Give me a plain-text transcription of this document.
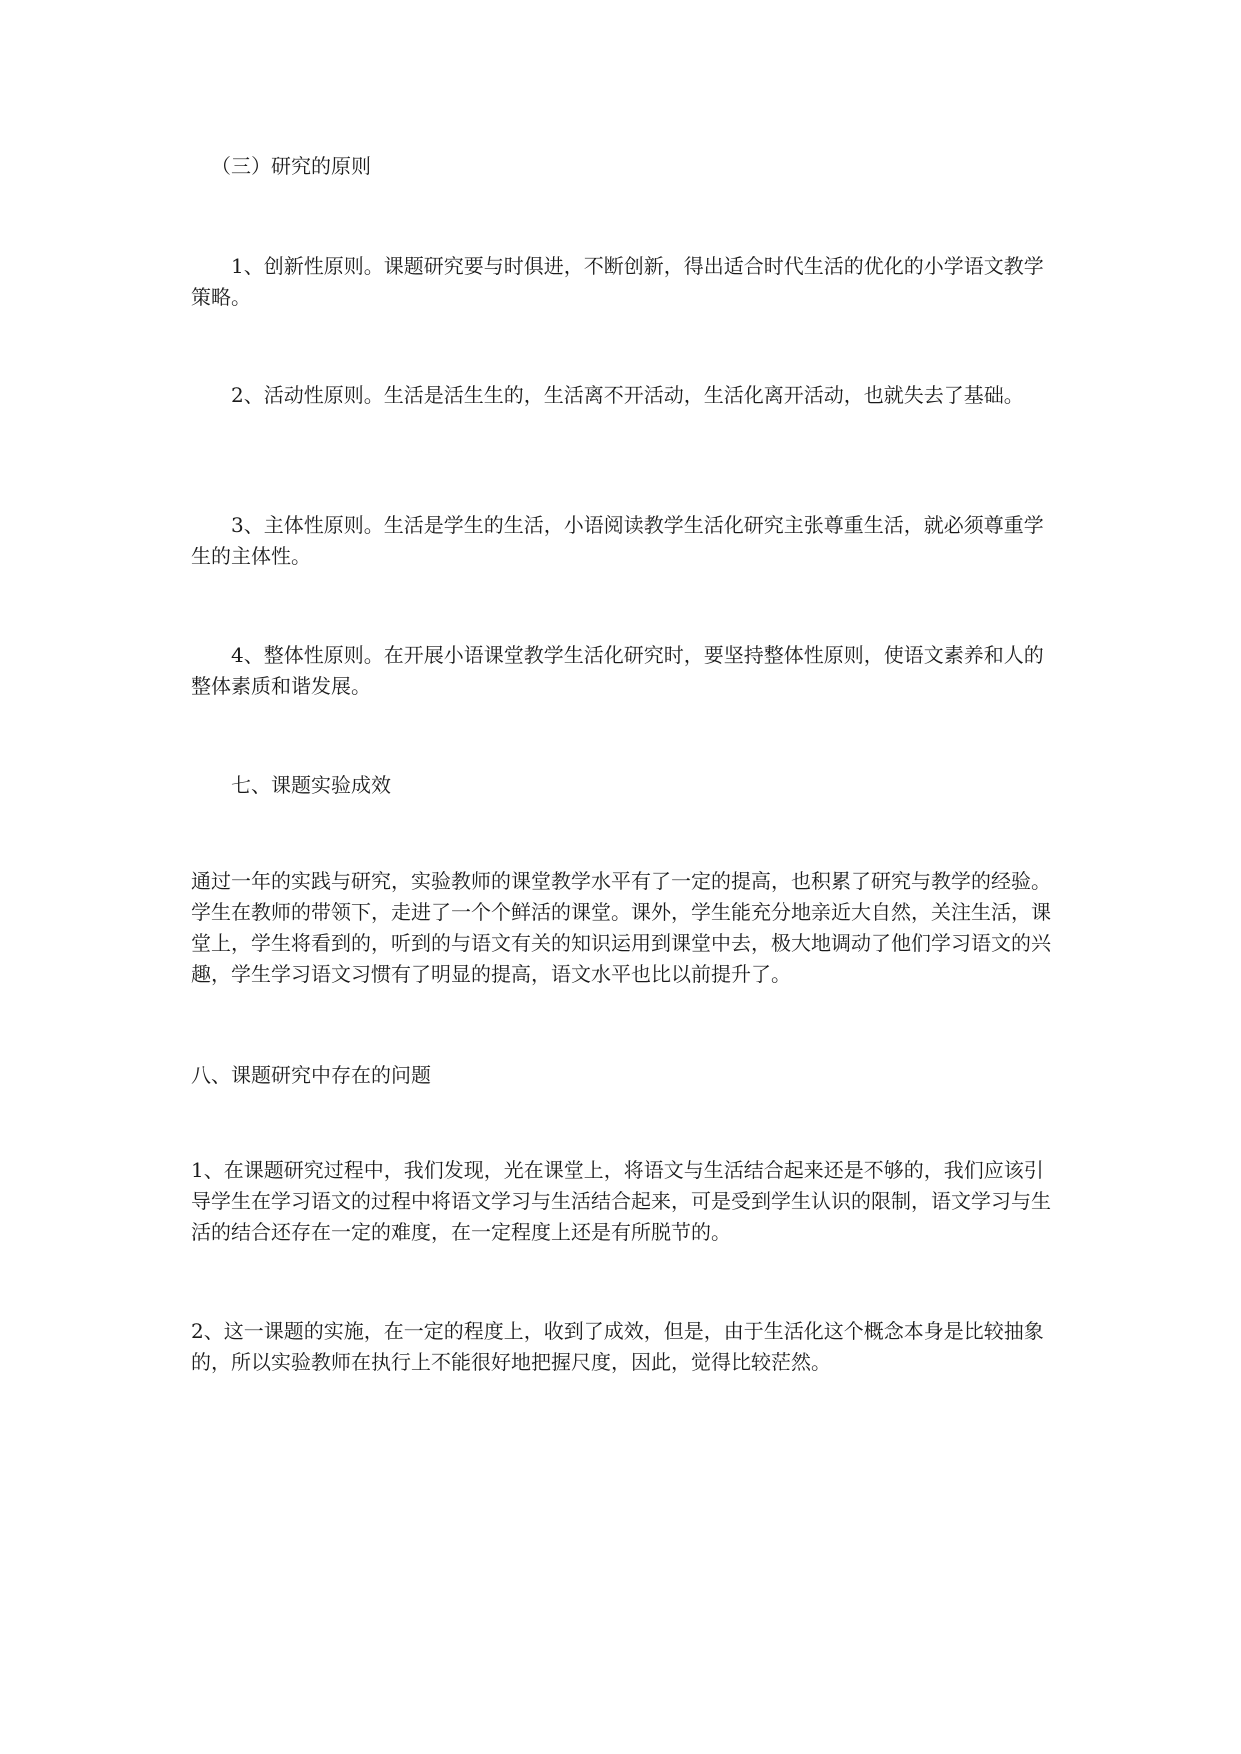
（三）研究的原则

1、创新性原则。课题研究要与时俱进，不断创新，得出适合时代生活的优化的小学语文教学策略。

2、活动性原则。生活是活生生的，生活离不开活动，生活化离开活动，也就失去了基础。

3、主体性原则。生活是学生的生活，小语阅读教学生活化研究主张尊重生活，就必须尊重学生的主体性。

4、整体性原则。在开展小语课堂教学生活化研究时，要坚持整体性原则，使语文素养和人的整体素质和谐发展。

七、课题实验成效

通过一年的实践与研究，实验教师的课堂教学水平有了一定的提高，也积累了研究与教学的经验。学生在教师的带领下，走进了一个个鲜活的课堂。课外，学生能充分地亲近大自然，关注生活，课堂上，学生将看到的，听到的与语文有关的知识运用到课堂中去，极大地调动了他们学习语文的兴趣，学生学习语文习惯有了明显的提高，语文水平也比以前提升了。

八、课题研究中存在的问题

1、在课题研究过程中，我们发现，光在课堂上，将语文与生活结合起来还是不够的，我们应该引导学生在学习语文的过程中将语文学习与生活结合起来，可是受到学生认识的限制，语文学习与生活的结合还存在一定的难度，在一定程度上还是有所脱节的。

2、这一课题的实施，在一定的程度上，收到了成效，但是，由于生活化这个概念本身是比较抽象的，所以实验教师在执行上不能很好地把握尺度，因此，觉得比较茫然。
